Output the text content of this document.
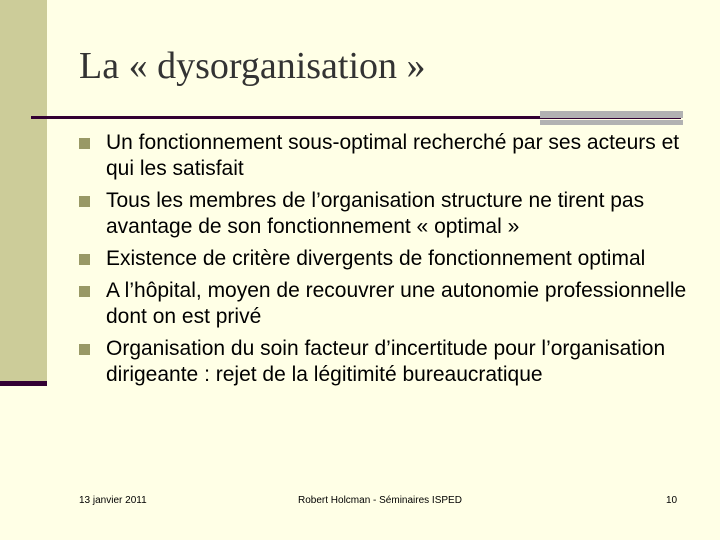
La « dysorganisation »
Un fonctionnement sous-optimal recherché par ses acteurs et qui les satisfait
Tous les membres de l’organisation structure ne tirent pas avantage de son fonctionnement « optimal »
Existence de critère divergents de fonctionnement optimal
A l’hôpital, moyen de recouvrer une autonomie professionnelle dont on est privé
Organisation du soin facteur d’incertitude pour l’organisation dirigeante : rejet de la légitimité bureaucratique
13 janvier 2011	Robert Holcman - Séminaires ISPED	10
